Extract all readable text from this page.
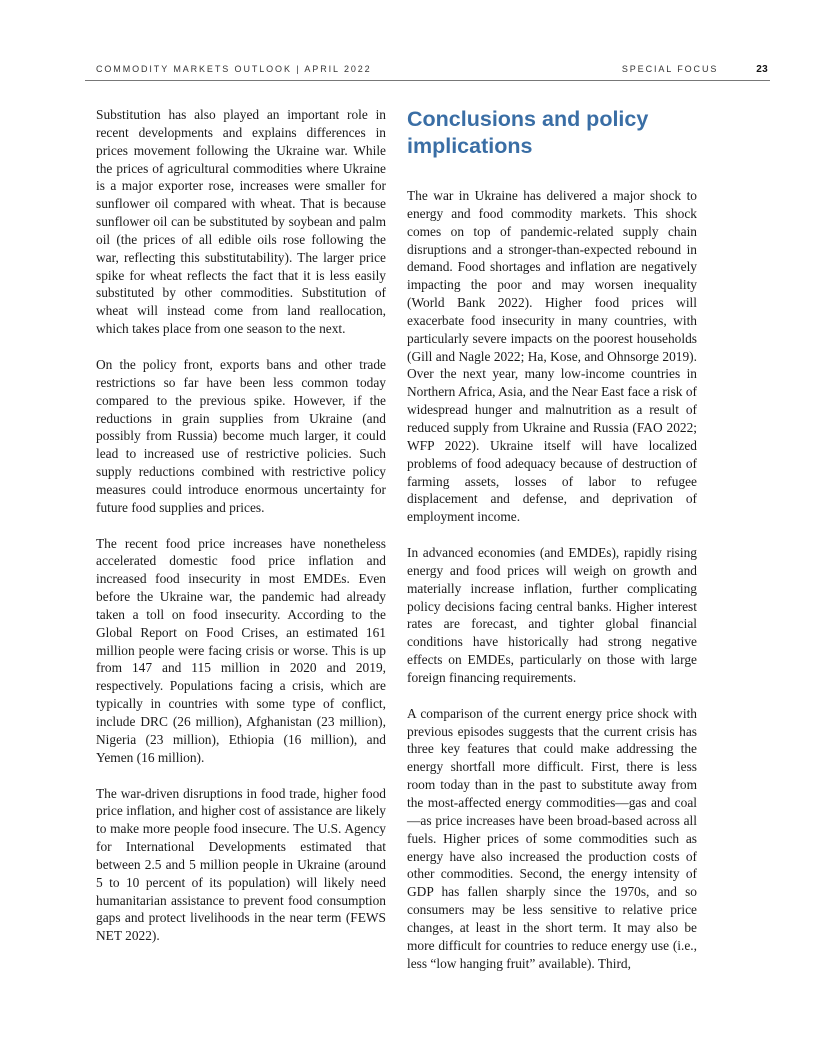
COMMODITY MARKETS OUTLOOK | APRIL 2022	SPECIAL FOCUS	23

Substitution has also played an important role in recent developments and explains differences in prices movement following the Ukraine war. While the prices of agricultural commodities where Ukraine is a major exporter rose, increases were smaller for sunflower oil compared with wheat. That is because sunflower oil can be substituted by soybean and palm oil (the prices of all edible oils rose following the war, reflecting this substitutability). The larger price spike for wheat reflects the fact that it is less easily substituted by other commodities. Substitution of wheat will instead come from land reallocation, which takes place from one season to the next.

On the policy front, exports bans and other trade restrictions so far have been less common today compared to the previous spike. However, if the reductions in grain supplies from Ukraine (and possibly from Russia) become much larger, it could lead to increased use of restrictive policies. Such supply reductions combined with restrictive policy measures could introduce enormous uncertainty for future food supplies and prices.

The recent food price increases have nonetheless accelerated domestic food price inflation and increased food insecurity in most EMDEs. Even before the Ukraine war, the pandemic had already taken a toll on food insecurity. According to the Global Report on Food Crises, an estimated 161 million people were facing crisis or worse. This is up from 147 and 115 million in 2020 and 2019, respectively. Populations facing a crisis, which are typically in countries with some type of conflict, include DRC (26 million), Afghanistan (23 million), Nigeria (23 million), Ethiopia (16 million), and Yemen (16 million).

The war-driven disruptions in food trade, higher food price inflation, and higher cost of assistance are likely to make more people food insecure. The U.S. Agency for International Developments estimated that between 2.5 and 5 million people in Ukraine (around 5 to 10 percent of its population) will likely need humanitarian assistance to prevent food consumption gaps and protect livelihoods in the near term (FEWS NET 2022).

Conclusions and policy implications

The war in Ukraine has delivered a major shock to energy and food commodity markets. This shock comes on top of pandemic-related supply chain disruptions and a stronger-than-expected rebound in demand. Food shortages and inflation are negatively impacting the poor and may worsen inequality (World Bank 2022). Higher food prices will exacerbate food insecurity in many countries, with particularly severe impacts on the poorest households (Gill and Nagle 2022; Ha, Kose, and Ohnsorge 2019). Over the next year, many low-income countries in Northern Africa, Asia, and the Near East face a risk of widespread hunger and malnutrition as a result of reduced supply from Ukraine and Russia (FAO 2022; WFP 2022). Ukraine itself will have localized problems of food adequacy because of destruction of farming assets, losses of labor to refugee displacement and defense, and deprivation of employment income.

In advanced economies (and EMDEs), rapidly rising energy and food prices will weigh on growth and materially increase inflation, further complicating policy decisions facing central banks. Higher interest rates are forecast, and tighter global financial conditions have historically had strong negative effects on EMDEs, particularly on those with large foreign financing requirements.

A comparison of the current energy price shock with previous episodes suggests that the current crisis has three key features that could make addressing the energy shortfall more difficult. First, there is less room today than in the past to substitute away from the most-affected energy commodities—gas and coal—as price increases have been broad-based across all fuels. Higher prices of some commodities such as energy have also increased the production costs of other commodities. Second, the energy intensity of GDP has fallen sharply since the 1970s, and so consumers may be less sensitive to relative price changes, at least in the short term. It may also be more difficult for countries to reduce energy use (i.e., less “low hanging fruit” available). Third,
